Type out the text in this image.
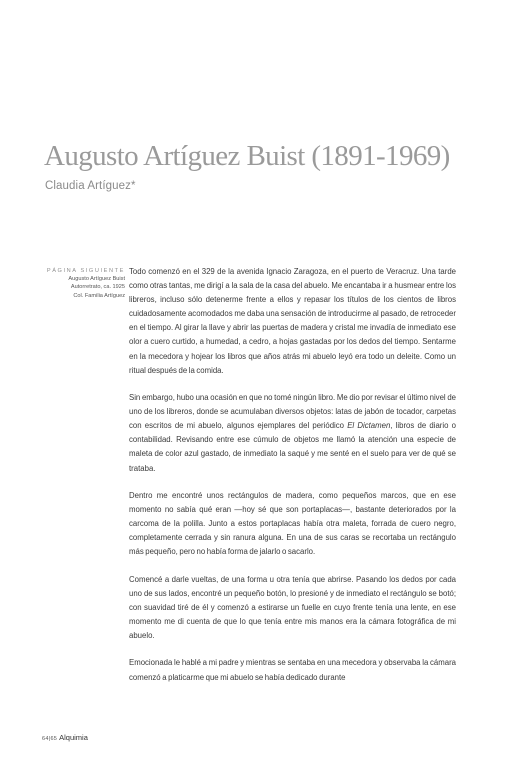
Augusto Artíguez Buist (1891-1969)
Claudia Artíguez*
PÁGINA SIGUIENTE
Augusto Artíguez Buist
Autorretrato, ca. 1925
Col. Familia Artíguez

Todo comenzó en el 329 de la avenida Ignacio Zaragoza, en el puerto de Veracruz. Una tarde como otras tantas, me dirigí a la sala de la casa del abuelo. Me encantaba ir a husmear entre los libreros, incluso sólo detenerme frente a ellos y repasar los títulos de los cientos de libros cuidadosamente acomodados me daba una sensación de introducirme al pasado, de retroceder en el tiempo. Al girar la llave y abrir las puertas de madera y cristal me invadía de inmediato ese olor a cuero curtido, a humedad, a cedro, a hojas gastadas por los dedos del tiempo. Sentarme en la mecedora y hojear los libros que años atrás mi abuelo leyó era todo un deleite. Como un ritual después de la comida.

Sin embargo, hubo una ocasión en que no tomé ningún libro. Me dio por revisar el último nivel de uno de los libreros, donde se acumulaban diversos objetos: latas de jabón de tocador, carpetas con escritos de mi abuelo, algunos ejemplares del periódico El Dictamen, libros de diario o contabilidad. Revisando entre ese cúmulo de objetos me llamó la atención una especie de maleta de color azul gastado, de inmediato la saqué y me senté en el suelo para ver de qué se trataba.

Dentro me encontré unos rectángulos de madera, como pequeños marcos, que en ese momento no sabía qué eran —hoy sé que son portaplacas—, bastante deteriorados por la carcoma de la polilla. Junto a estos portaplacas había otra maleta, forrada de cuero negro, completamente cerrada y sin ranura alguna. En una de sus caras se recortaba un rectángulo más pequeño, pero no había forma de jalarlo o sacarlo.

Comencé a darle vueltas, de una forma u otra tenía que abrirse. Pasando los dedos por cada uno de sus lados, encontré un pequeño botón, lo presioné y de inmediato el rectángulo se botó; con suavidad tiré de él y comenzó a estirarse un fuelle en cuyo frente tenía una lente, en ese momento me di cuenta de que lo que tenía entre mis manos era la cámara fotográfica de mi abuelo.

Emocionada le hablé a mi padre y mientras se sentaba en una mecedora y observaba la cámara comenzó a platicarme que mi abuelo se había dedicado durante

64|65 Alquimia
